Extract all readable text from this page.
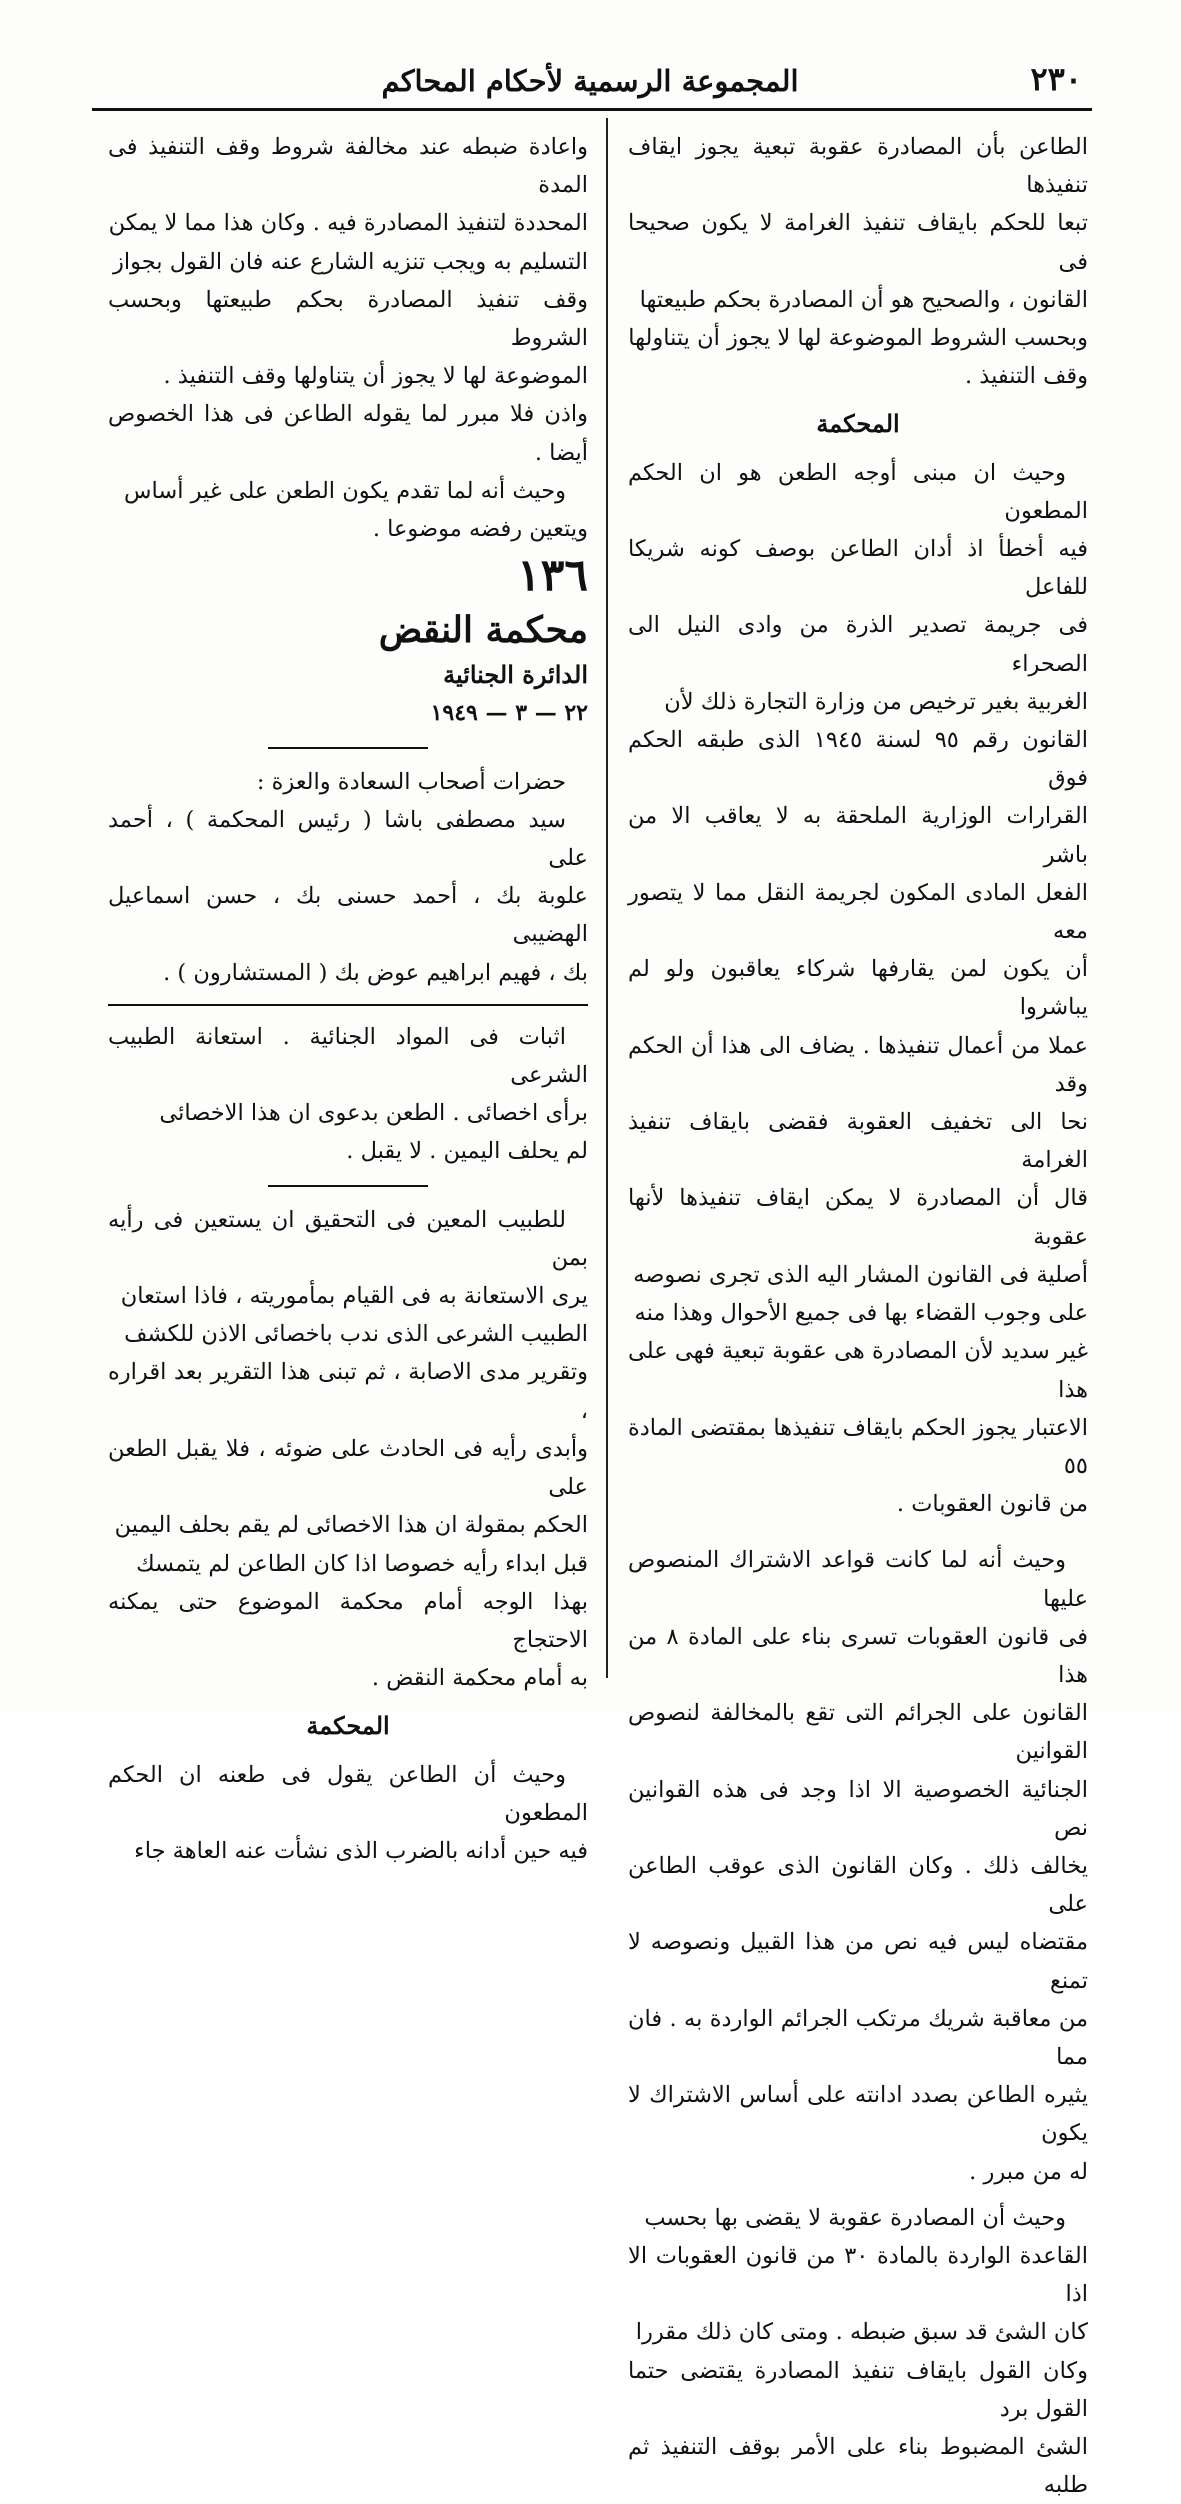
المجموعة الرسمية لأحكام المحاكم	٢٣٠

الطاعن بأن المصادرة عقوبة تبعية يجوز ايقاف تنفيذها

تبعا للحكم بايقاف تنفيذ الغرامة لا يكون صحيحا فى

القانون ، والصحيح هو أن المصادرة بحكم طبيعتها

وبحسب الشروط الموضوعة لها لا يجوز أن يتناولها

وقف التنفيذ .

المحكمة

وحيث ان مبنى أوجه الطعن هو ان الحكم المطعون

فيه أخطأ اذ أدان الطاعن بوصف كونه شريكا للفاعل

فى جريمة تصدير الذرة من وادى النيل الى الصحراء

الغربية بغير ترخيص من وزارة التجارة ذلك لأن

القانون رقم ٩٥ لسنة ١٩٤٥ الذى طبقه الحكم فوق

القرارات الوزارية الملحقة به لا يعاقب الا من باشر

الفعل المادى المكون لجريمة النقل مما لا يتصور معه

أن يكون لمن يقارفها شركاء يعاقبون ولو لم يباشروا

عملا من أعمال تنفيذها . يضاف الى هذا أن الحكم وقد

نحا الى تخفيف العقوبة فقضى بايقاف تنفيذ الغرامة

قال أن المصادرة لا يمكن ايقاف تنفيذها لأنها عقوبة

أصلية فى القانون المشار اليه الذى تجرى نصوصه

على وجوب القضاء بها فى جميع الأحوال وهذا منه

غير سديد لأن المصادرة هى عقوبة تبعية فهى على هذا

الاعتبار يجوز الحكم بايقاف تنفيذها بمقتضى المادة ٥٥

من قانون العقوبات .

وحيث أنه لما كانت قواعد الاشتراك المنصوص عليها

فى قانون العقوبات تسرى بناء على المادة ٨ من هذا

القانون على الجرائم التى تقع بالمخالفة لنصوص القوانين

الجنائية الخصوصية الا اذا وجد فى هذه القوانين نص

يخالف ذلك . وكان القانون الذى عوقب الطاعن على

مقتضاه ليس فيه نص من هذا القبيل ونصوصه لا تمنع

من معاقبة شريك مرتكب الجرائم الواردة به . فان مما

يثيره الطاعن بصدد ادانته على أساس الاشتراك لا يكون

له من مبرر .

وحيث أن المصادرة عقوبة لا يقضى بها بحسب

القاعدة الواردة بالمادة ٣٠ من قانون العقوبات الا اذا

كان الشئ قد سبق ضبطه . ومتى كان ذلك مقررا

وكان القول بايقاف تنفيذ المصادرة يقتضى حتما القول برد

الشئ المضبوط بناء على الأمر بوقف التنفيذ ثم طلبه

واعادة ضبطه عند مخالفة شروط وقف التنفيذ فى المدة

المحددة لتنفيذ المصادرة فيه . وكان هذا مما لا يمكن

التسليم به ويجب تنزيه الشارع عنه فان القول بجواز

وقف تنفيذ المصادرة بحكم طبيعتها وبحسب الشروط

الموضوعة لها لا يجوز أن يتناولها وقف التنفيذ .

واذن فلا مبرر لما يقوله الطاعن فى هذا الخصوص أيضا .

وحيث أنه لما تقدم يكون الطعن على غير أساس

ويتعين رفضه موضوعا .

١٣٦

محكمة النقض

الدائرة الجنائية

٢٢ — ٣ — ١٩٤٩

حضرات أصحاب السعادة والعزة :

سيد مصطفى باشا ( رئيس المحكمة ) ، أحمد على

علوبة بك ، أحمد حسنى بك ، حسن اسماعيل الهضيبى

بك ، فهيم ابراهيم عوض بك ( المستشارون ) .

اثبات فى المواد الجنائية . استعانة الطبيب الشرعى

برأى اخصائى . الطعن بدعوى ان هذا الاخصائى

لم يحلف اليمين . لا يقبل .

للطبيب المعين فى التحقيق ان يستعين فى رأيه بمن

يرى الاستعانة به فى القيام بمأموريته ، فاذا استعان

الطبيب الشرعى الذى ندب باخصائى الاذن للكشف

وتقرير مدى الاصابة ، ثم تبنى هذا التقرير بعد اقراره ،

وأبدى رأيه فى الحادث على ضوئه ، فلا يقبل الطعن على

الحكم بمقولة ان هذا الاخصائى لم يقم بحلف اليمين

قبل ابداء رأيه خصوصا اذا كان الطاعن لم يتمسك

بهذا الوجه أمام محكمة الموضوع حتى يمكنه الاحتجاج

به أمام محكمة النقض .

المحكمة

وحيث أن الطاعن يقول فى طعنه ان الحكم المطعون

فيه حين أدانه بالضرب الذى نشأت عنه العاهة جاء
